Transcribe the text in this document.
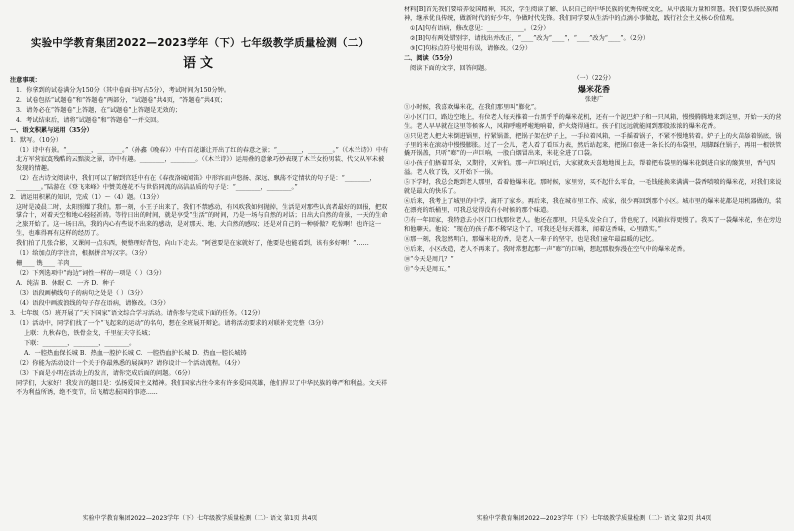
实验中学教育集团2022—2023学年（下）七年级教学质量检测（二）
语文

注意事项：

1．你拿到的试卷满分为150分（其中卷面书写占5分），考试时间为150分钟。

2．试卷包括“试题卷”和“答题卷”两部分，“试题卷”共4页，“答题卷”共4页；

3．请务必在“答题卷”上答题，在“试题卷”上答题是无效的；

4．考试结束后，请将“试题卷”和“答题卷”一并交回。

一、语文积累与运用（35分）

1．默写。（10分）

（1）诗中有景。“________，________。”（孙鑫《晚春》）中有百花谦让开出了红的春意之景；“________，________。”（《木兰诗》）中有北方军营寂寞残酷的云黯淡之景，诗中有趣。________，________。（《木兰诗》）运用叠的意象巧妙表现了木兰女扮男装、代父从军未被发现的情趣。

（2）在古诗文阅读中，我们可以了解到宫廷中有在《春夜洛城闻笛》中形容而声悠扬、深远、飘荡不定情状的句子是：“________，________。”陆游在《登飞来峰》中赞美莲花不与世俗同流的高洁品质的句子是：“________，________。”

2．请运用积累的知识，完成（1）～（4）题。（13分）

这时是凌晨二时，太阳照耀了我们。那一刻，小王子出来了，我们不禁感动，有风吹我如何抛掉，生活是对那些认真者最好的回报，把双掌合十，对着天空和地心轻轻祈祷。等待日出的时间，就是享受“生活”的时间，乃是一场与自然的对话；日出大自然的奇景，一天的生命之旅开始了。这一场日出，我的内心有些说不出来的感动，是对那天、地、大自然的感叹；还是对自己的一种骄傲？吃惊啊！也许这一生，也难得再有这样的经历了。

我们拍了几张合影，又课间一点东西，便整理好背包，向山下走去。“阿爸要是在家就好了，他要是也能看到，该有多好啊！”……

（1）给加点的字注音，根据拼音写汉字。（3分）

栅____ 镌____ 羊肉____

（2）下列选项中“海边”词性一样的一项是（ ）（3分）

A．纯洁 B．休眠 C．一齐 D．种子

（3）语段画横线句子的病句之处是（ ）（3分）

（4）语段中画波浪线的句子存在语病，请修改。（3分）

3．七年级（5）班开展了“天下国家”语文综合学习活动。请你参与完成下面的任务。（12分）

（1）活动中，同学们找了一个“飞起来的运动”的名句，想在全班展开辩论。请将活动要求的对联补充完整（3分）

上联：九秋春色，铁骨金戈，千里征夫守长城；

下联：________，________，________。

A．一腔热血保长城 B．热血一腔护长城 C．一腔热血护长城 D．热血一腔长城铸

（2）你能为活动设计一个关于你最熟悉的展演吗？请你设计一个活动流程。（4分）

（3）下面是小明在活动上的发言，请你完成后面的问题。（6分）

同学们，大家好！我发言的题目是：弘扬爱国主义精神。我们国家古往今来有许多爱国英雄，他们捍卫了中华民族的尊严和利益。文天祥不为利益所诱，绝不变节，岳飞精忠报国的事迹......

实验中学教育集团2022—2023学年（下）七年级教学质量检测（二）· 语文 第1页 共4页

材料[B]首先我们要培养爱国精神，其次，学生阅读了解、认识自己的中华民族的优秀传统文化，从中汲取力量和智慧。我们要弘扬民族精神，继承优良传统，做新时代的好少年，争做时代先锋。我们同学要从生活中的点滴小事做起，践行社会主义核心价值观。

①[A]句有语病，修改意见：____________。（2分）

②[B]句有两处错别字，请找出并改正，“____”改为“____”，“____”改为“____”。（2分）

③[C]句标点符号使用有误，请修改。（2分）

二、阅读（55分）

阅读下面的文字，回答问题。

（一）（22分）
爆米花香
张建广

①小时候，我喜欢爆米花，在我们那里叫“膨化”。

②小区门口，路边空地上，有位老人每天推着一台黑乎乎的爆米花机，还有一个泥巴炉子和一只风箱，慢慢腾腾地来到这里，开始一天的营生。老人早早就在这里等候客人，风箱呼啦呼啦地响着，炉火烧得通红。孩子们远远就能闻到那股浓浓的爆米花香。

③只见老人把大米倒进锅里，拧紧锅盖，把锅子架在炉子上，一手拉着风箱，一手摇着锅子，不紧不慢地转着。炉子上的火苗舔着锅底，锅子里的米在滚动中慢慢膨胀。过了一会儿，老人看了看压力表，然后站起来，把锅口套进一条长长的布袋里，用脚踩住锅子，再用一根铁管撬开锅盖，只听“嘭”的一声巨响，一股白烟冒出来，米花全进了口袋。

④小孩子们捂着耳朵，又期待，又害怕。那一声巨响过后，大家就欢天喜地地围上去，帮着把布袋里的爆米花倒进自家的簸箕里，香气四溢。老人收了钱，又开始下一锅。

⑤下学时，我总会跑到老人那里，看着他爆米花。那时候，家里穷，买不起什么零食，一毛钱能换来满满一袋香喷喷的爆米花，对我们来说就是最大的快乐了。

⑥后来，我考上了城里的中学，离开了家乡。再后来，我在城市里工作、成家，很少再回到那个小区。城市里的爆米花都是用机器做的，装在漂亮的纸桶里，可我总觉得没有小时候的那个味道。

⑦有一年回家，我特意去小区门口找那位老人。他还在那里，只是头发全白了，背也驼了，风箱拉得更慢了。我买了一袋爆米花，坐在旁边和他聊天。他说：“现在的孩子都不稀罕这个了，可我还是每天都来，闻着这香味，心里踏实。”

⑧那一刻，我忽然明白，那爆米花的香，是老人一辈子的坚守，也是我们童年最温暖的记忆。

⑨后来，小区改造，老人不再来了。我时常想起那一声“嘭”的巨响，想起那股弥漫在空气中的爆米花香。

⑩“今天是周几？”

⑪“今天是周五。”

实验中学教育集团2022—2023学年（下）七年级教学质量检测（二）· 语文 第2页 共4页
